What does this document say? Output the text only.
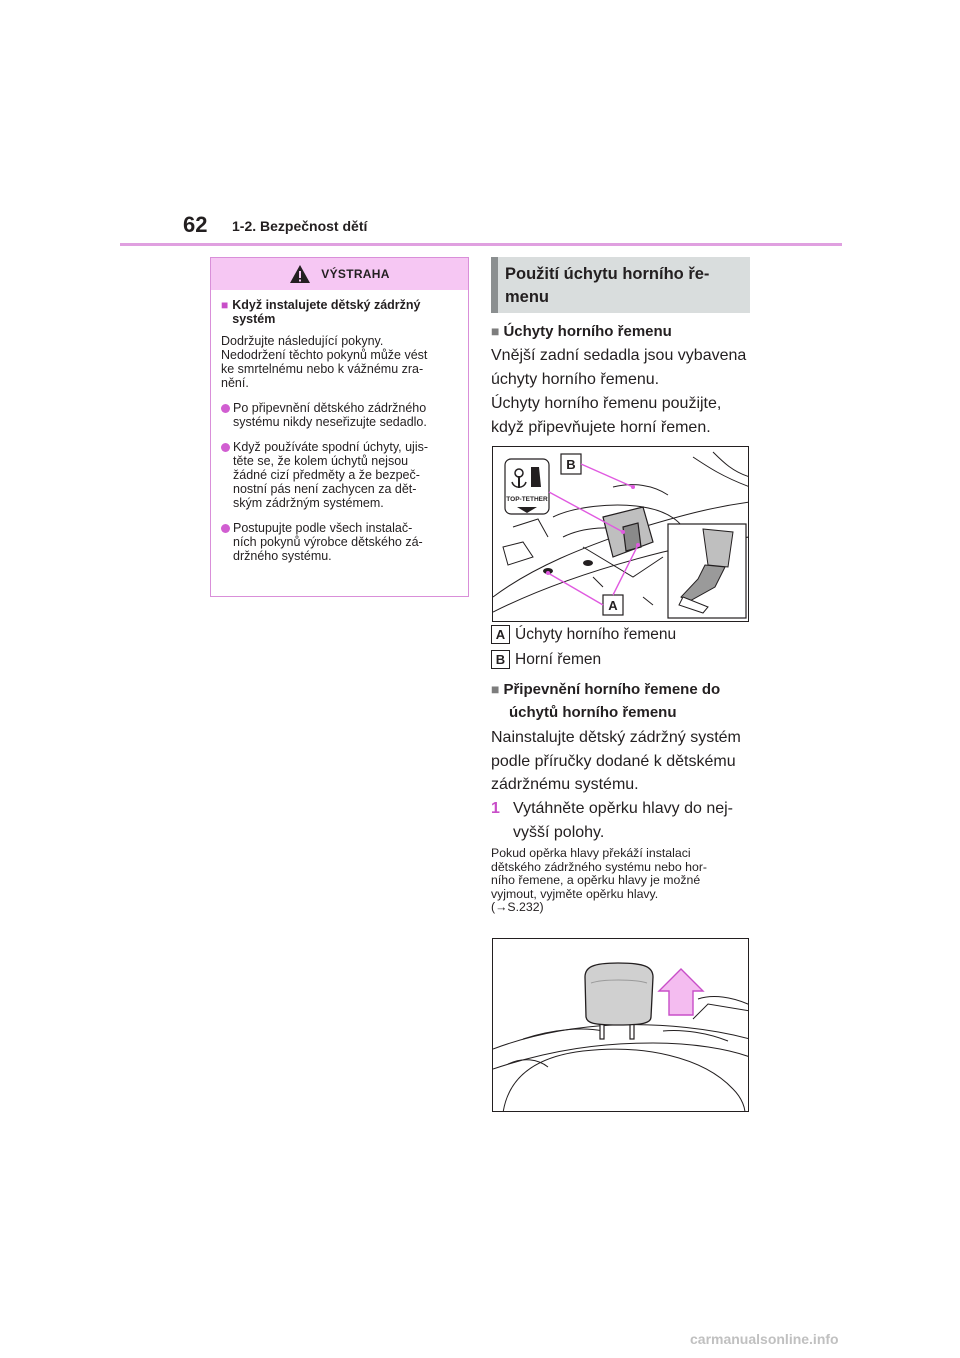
62 1-2. Bezpečnost dětí
VÝSTRAHA
■ Když instalujete dětský zádržný
systém
Dodržujte následující pokyny.
Nedodržení těchto pokynů může vést
ke smrtelnému nebo k vážnému zra-
nění.
Po připevnění dětského zádržného
systému nikdy neseřizujte sedadlo.
Když používáte spodní úchyty, ujis-
těte se, že kolem úchytů nejsou
žádné cizí předměty a že bezpeč-
nostní pás není zachycen za dět-
ským zádržným systémem.
Postupujte podle všech instalač-
ních pokynů výrobce dětského zá-
držného systému.
Použití úchytu horního ře-
menu
■ Úchyty horního řemenu
Vnější zadní sedadla jsou vybavena
úchyty horního řemenu.
Úchyty horního řemenu použijte,
když připevňujete horní řemen.
TOP-TETHER
B
A
A Úchyty horního řemenu
B Horní řemen
■ Připevnění horního řemene do
úchytů horního řemenu
Nainstalujte dětský zádržný systém
podle příručky dodané k dětskému
zádržnému systému.
1 Vytáhněte opěrku hlavy do nej-
vyšší polohy.
Pokud opěrka hlavy překáží instalaci
dětského zádržného systému nebo hor-
ního řemene, a opěrku hlavy je možné
vyjmout, vyjměte opěrku hlavy.
(→S.232)
carmanualsonline.info
